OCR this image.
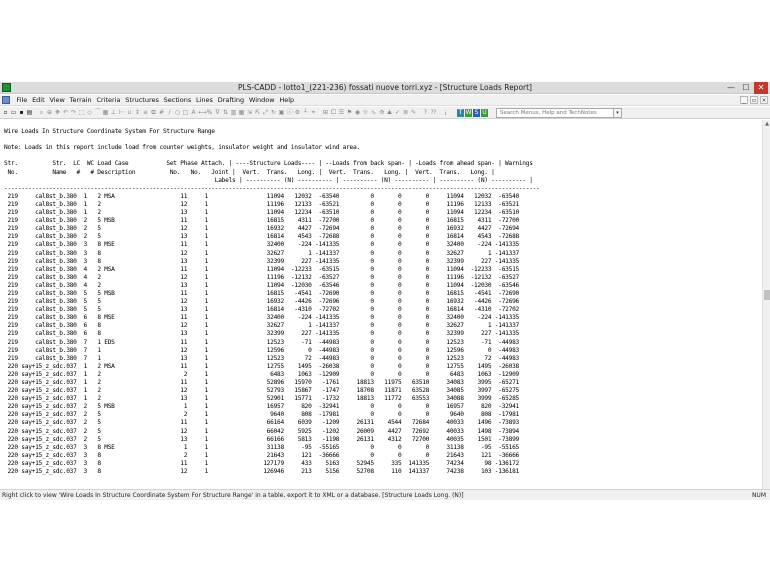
PLS-CADD - lotto1_(221-236) fossati nuove torri.xyz - [Structure Loads Report]	— ☐	✕
File Edit View Terrain Criteria Structures Sections Lines Drafting Window Help	_	▫ ×
▫ ▭ ▪ ▤	⌕ ⊕ ✥ ↶ ↷ ⬚ ◇ ⌒ ▦ ⊥ ⊢ ∪ ↕ ≡ ⧉ # ∕ ○ □ A ⟷ % ∇ ⇅ ▥ ▦ ⇲ ⇱ ⤢ ↻ ▣ ⓘ ⚙ ┴ ⌖	⊞ ⧠ ☰ ⚑ ◉ ☼ ∿ ⟰ ⛰ ✓ ≣ ✎	? ⁇	¡	T W S U
Search Menus, Help and TechNotes	▾
Wire Loads In Structure Coordinate System For Structure Range
Note: Loads in this report include load from counter weights, insulator weight and insulator wind area.
Str.          Str.  LC  WC Load Case           Set Phase Attach. | ----Structure Loads---- | --Loads from back span- | -Loads from ahead span- | Warnings
No.          Name   #   # Description          No.   No.   Joint |  Vert.  Trans.   Long. |  Vert.  Trans.   Long. |  Vert.  Trans.   Long. |
Labels | ---------- (N) ---------- | ---------- (N) ---------- | ---------- (N) ---------- |
-----------------------------------------------------------------------------------------------------------------------------------------------------------
219     cal8st_b.380  1   2 MSA                   11     1	11094   12032  -63540         0       0       0     11094   12032  -63540
219     cal8st_b.380  1   2	12     1	11196   12133  -63521         0       0       0     11196   12133  -63521
219     cal8st_b.380  1   2	13     1	11094   12234  -63510         0       0       0     11094   12234  -63510
219     cal8st_b.380  2   5 MSB                   11     1	16815    4311  -72700         0       0       0     16815    4311  -72700
219     cal8st_b.380  2   5	12     1	16932    4427  -72694         0       0       0     16932    4427  -72694
219     cal8st_b.380  2   5	13     1	16814    4543  -72688         0       0       0     16814    4543  -72688
219     cal8st_b.380  3   8 MSE                   11     1	32400    -224 -141335         0       0       0     32400    -224 -141335
219     cal8st_b.380  3   8	12     1	32627       1 -141337         0       0       0     32627       1 -141337
219     cal8st_b.380  3   8	13     1	32399     227 -141335         0       0       0     32399     227 -141335
219     cal8st_b.380  4   2 MSA                   11     1	11094  -12233  -63515         0       0       0     11094  -12233  -63515
219     cal8st_b.380  4   2	12     1	11196  -12132  -63527         0       0       0     11196  -12132  -63527
219     cal8st_b.380  4   2	13     1	11094  -12030  -63546         0       0       0     11094  -12030  -63546
219     cal8st_b.380  5   5 MSB                   11     1	16815   -4541  -72690         0       0       0     16815   -4541  -72690
219     cal8st_b.380  5   5	12     1	16932   -4426  -72696         0       0       0     16932   -4426  -72696
219     cal8st_b.380  5   5	13     1	16814   -4310  -72702         0       0       0     16814   -4310  -72702
219     cal8st_b.380  6   8 MSE                   11     1	32400    -224 -141335         0       0       0     32400    -224 -141335
219     cal8st_b.380  6   8	12     1	32627       1 -141337         0       0       0     32627       1 -141337
219     cal8st_b.380  6   8	13     1	32399     227 -141335         0       0       0     32399     227 -141335
219     cal8st_b.380  7   1 EDS                   11     1	12523     -71  -44983         0       0       0     12523     -71  -44983
219     cal8st_b.380  7   1	12     1	12596       0  -44983         0       0       0     12596       0  -44983
219     cal8st_b.380  7   1	13     1	12523      72  -44983         0       0       0     12523      72  -44983
220 say+15_z_sdc.037  1   2 MSA                   11     1	12755    1495  -26038         0       0       0     12755    1495  -26038
220 say+15_z_sdc.037  1   2	2     1	6483    1063  -12909         0       0       0      6483    1063  -12909
220 say+15_z_sdc.037  1   2	11     1	52896   15970   -1761     18813   11975   63510     34083    3995  -65271
220 say+15_z_sdc.037  1   2	12     1	52793   15867   -1747     18708   11871   63528     34085    3997  -65275
220 say+15_z_sdc.037  1   2	13     1	52901   15771   -1732     18813   11772   63553     34088    3999  -65285
220 say+15_z_sdc.037  2   5 MSB                    1     1	16957     820  -32941         0       0       0     16957     820  -32941
220 say+15_z_sdc.037  2   5	2     1	9640     808  -17981         0       0       0      9640     808  -17981
220 say+15_z_sdc.037  2   5	11     1	66164    6039   -1209     26131    4544   72684     40033    1496  -73893
220 say+15_z_sdc.037  2   5	12     1	66042    5925   -1202     26009    4427   72692     40033    1498  -73894
220 say+15_z_sdc.037  2   5	13     1	66166    5813   -1198     26131    4312   72700     40035    1501  -73899
220 say+15_z_sdc.037  3   8 MSE                    1     1	31138     -95  -55165         0       0       0     31138     -95  -55165
220 say+15_z_sdc.037  3   8	2     1	21643     121  -36666         0       0       0     21643     121  -36666
220 say+15_z_sdc.037  3   8	11     1	127179     433    5163     52945     335  141335     74234      98 -136172
220 say+15_z_sdc.037  3   8	12     1	126946     213    5156     52708     110  141337     74238     103 -136181
▲
Right click to view 'Wire Loads In Structure Coordinate System For Structure Range' in a table, export it to XML or a database. [Structure Loads Long. (N)]	NUM
